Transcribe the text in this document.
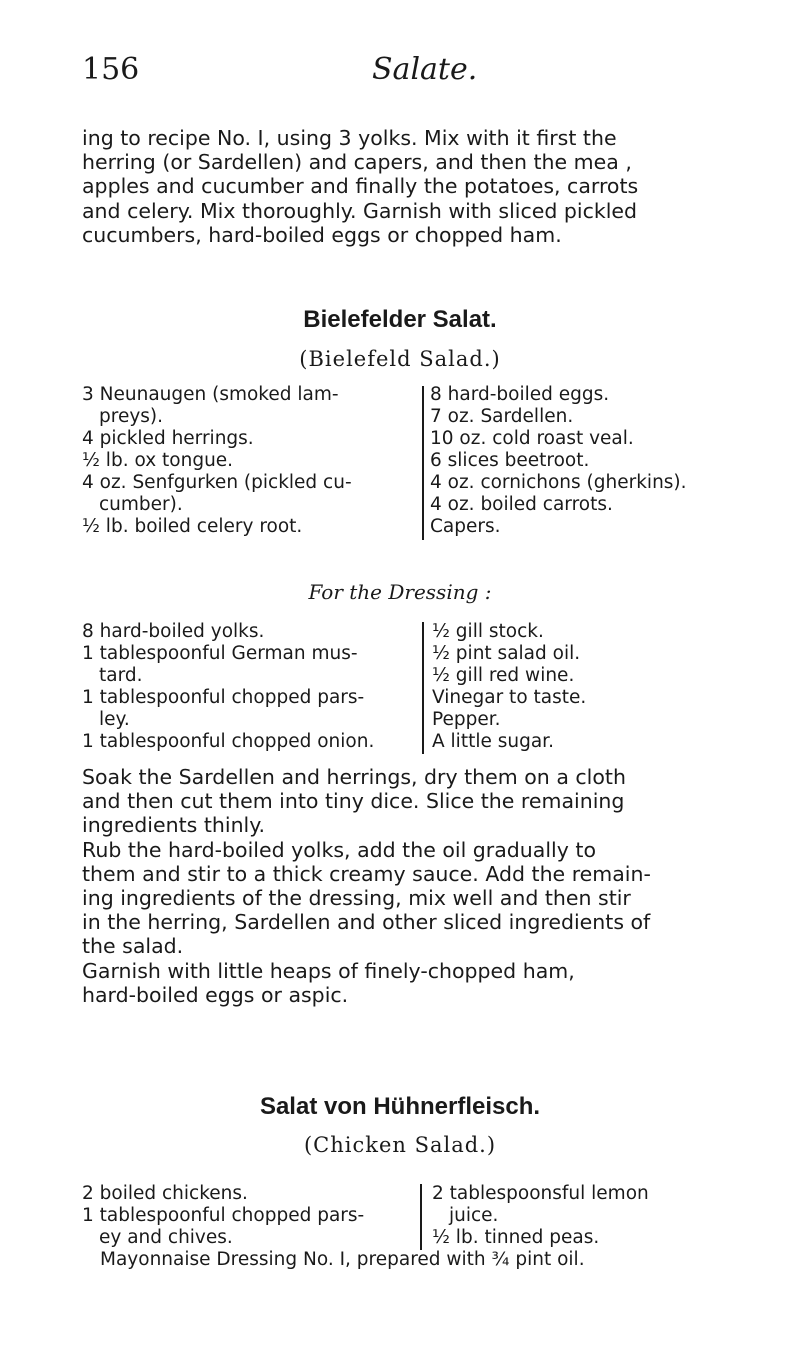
156	Salate.
ing to recipe No. I, using 3 yolks. Mix with it first the
herring (or Sardellen) and capers, and then the mea ,
apples and cucumber and finally the potatoes, carrots
and celery. Mix thoroughly. Garnish with sliced pickled
cucumbers, hard-boiled eggs or chopped ham.
Bielefelder Salat.
(Bielefeld Salad.)
3 Neunaugen (smoked lam-
preys).
4 pickled herrings.
½ lb. ox tongue.
4 oz. Senfgurken (pickled cu-
cumber).
½ lb. boiled celery root.
8 hard-boiled eggs.
7 oz. Sardellen.
10 oz. cold roast veal.
6 slices beetroot.
4 oz. cornichons (gherkins).
4 oz. boiled carrots.
Capers.
For the Dressing :
8 hard-boiled yolks.
1 tablespoonful German mus-
tard.
1 tablespoonful chopped pars-
ley.
1 tablespoonful chopped onion.
½ gill stock.
½ pint salad oil.
½ gill red wine.
Vinegar to taste.
Pepper.
A little sugar.
Soak the Sardellen and herrings, dry them on a cloth
and then cut them into tiny dice. Slice the remaining
ingredients thinly.
Rub the hard-boiled yolks, add the oil gradually to
them and stir to a thick creamy sauce. Add the remain-
ing ingredients of the dressing, mix well and then stir
in the herring, Sardellen and other sliced ingredients of
the salad.
Garnish with little heaps of finely-chopped ham,
hard-boiled eggs or aspic.
Salat von Hühnerfleisch.
(Chicken Salad.)
2 boiled chickens.
1 tablespoonful chopped pars-
ey and chives.
2 tablespoonsful lemon
juice.
½ lb. tinned peas.
Mayonnaise Dressing No. I, prepared with ¾ pint oil.
